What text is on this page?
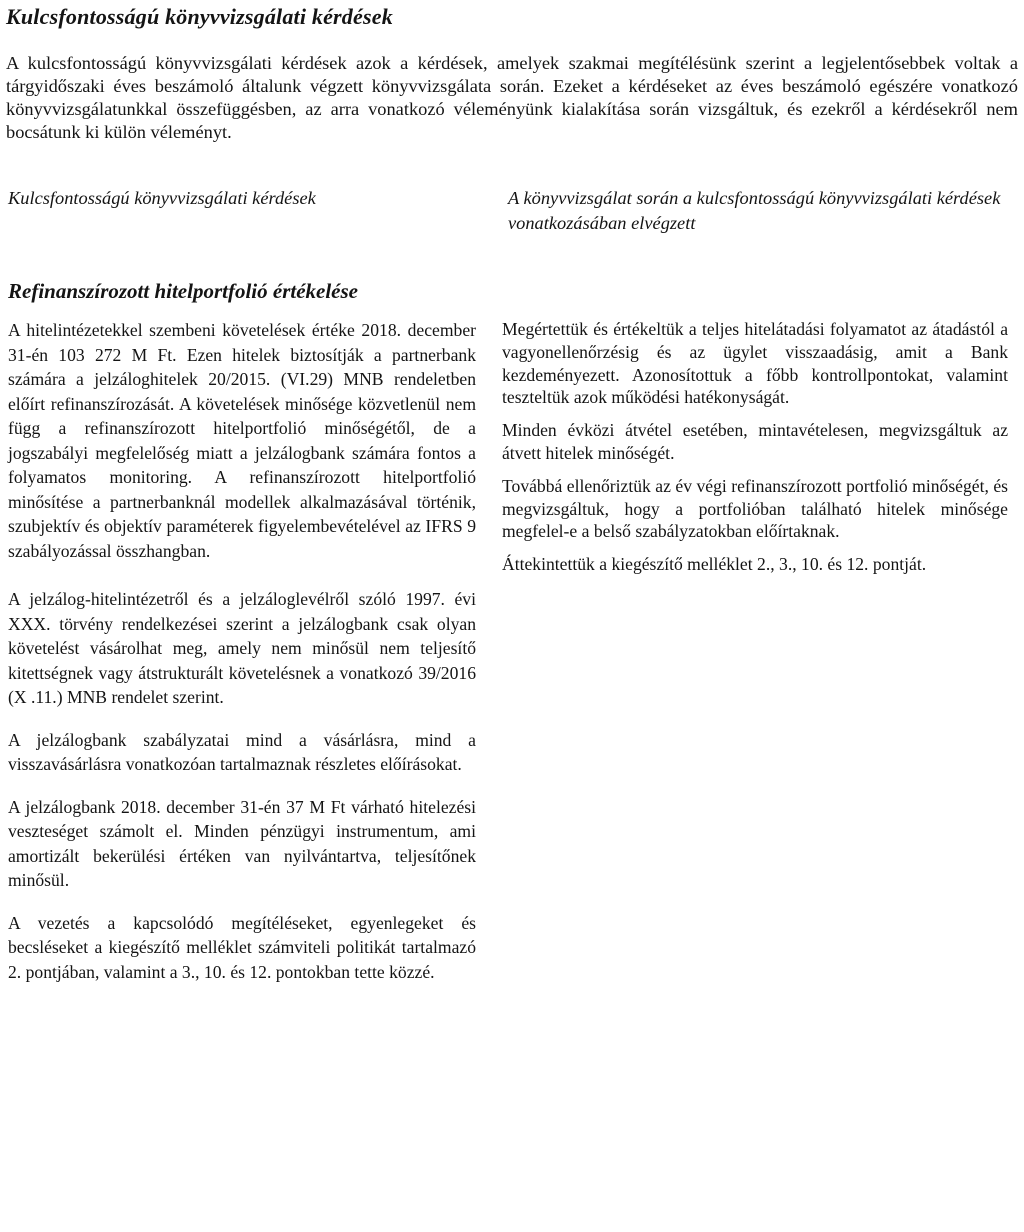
Kulcsfontosságú könyvvizsgálati kérdések

A kulcsfontosságú könyvvizsgálati kérdések azok a kérdések, amelyek szakmai megítélésünk szerint a legjelentősebbek voltak a tárgyidőszaki éves beszámoló általunk végzett könyvvizsgálata során. Ezeket a kérdéseket az éves beszámoló egészére vonatkozó könyvvizsgálatunkkal összefüggésben, az arra vonatkozó véleményünk kialakítása során vizsgáltuk, és ezekről a kérdésekről nem bocsátunk ki külön véleményt.

Kulcsfontosságú könyvvizsgálati kérdések	A könyvvizsgálat során a kulcsfontosságú könyvvizsgálati kérdések vonatkozásában elvégzett
Refinanszírozott hitelportfolió értékelése

A hitelintézetekkel szembeni követelések értéke 2018. december 31-én 103 272 M Ft. Ezen hitelek biztosítják a partnerbank számára a jelzáloghitelek 20/2015. (VI.29) MNB rendeletben előírt refinanszírozását. A követelések minősége közvetlenül nem függ a refinanszírozott hitelportfolió minőségétől, de a jogszabályi megfelelőség miatt a jelzálogbank számára fontos a folyamatos monitoring. A refinanszírozott hitelportfolió minősítése a partnerbanknál modellek alkalmazásával történik, szubjektív és objektív paraméterek figyelembevételével az IFRS 9 szabályozással összhangban.

A jelzálog-hitelintézetről és a jelzáloglevélről szóló 1997. évi XXX. törvény rendelkezései szerint a jelzálogbank csak olyan követelést vásárolhat meg, amely nem minősül nem teljesítő kitettségnek vagy átstrukturált követelésnek a vonatkozó 39/2016 (X .11.) MNB rendelet szerint.

A jelzálogbank szabályzatai mind a vásárlásra, mind a visszavásárlásra vonatkozóan tartalmaznak részletes előírásokat.

A jelzálogbank 2018. december 31-én 37 M Ft várható hitelezési veszteséget számolt el. Minden pénzügyi instrumentum, ami amortizált bekerülési értéken van nyilvántartva, teljesítőnek minősül.

A vezetés a kapcsolódó megítéléseket, egyenlegeket és becsléseket a kiegészítő melléklet számviteli politikát tartalmazó 2. pontjában, valamint a 3., 10. és 12. pontokban tette közzé.

Megértettük és értékeltük a teljes hitelátadási folyamatot az átadástól a vagyonellenőrzésig és az ügylet visszaadásig, amit a Bank kezdeményezett. Azonosítottuk a főbb kontrollpontokat, valamint teszteltük azok működési hatékonyságát.

Minden évközi átvétel esetében, mintavételesen, megvizsgáltuk az átvett hitelek minőségét.

Továbbá ellenőriztük az év végi refinanszírozott portfolió minőségét, és megvizsgáltuk, hogy a portfolióban található hitelek minősége megfelel-e a belső szabályzatokban előírtaknak.

Áttekintettük a kiegészítő melléklet 2., 3., 10. és 12. pontját.
